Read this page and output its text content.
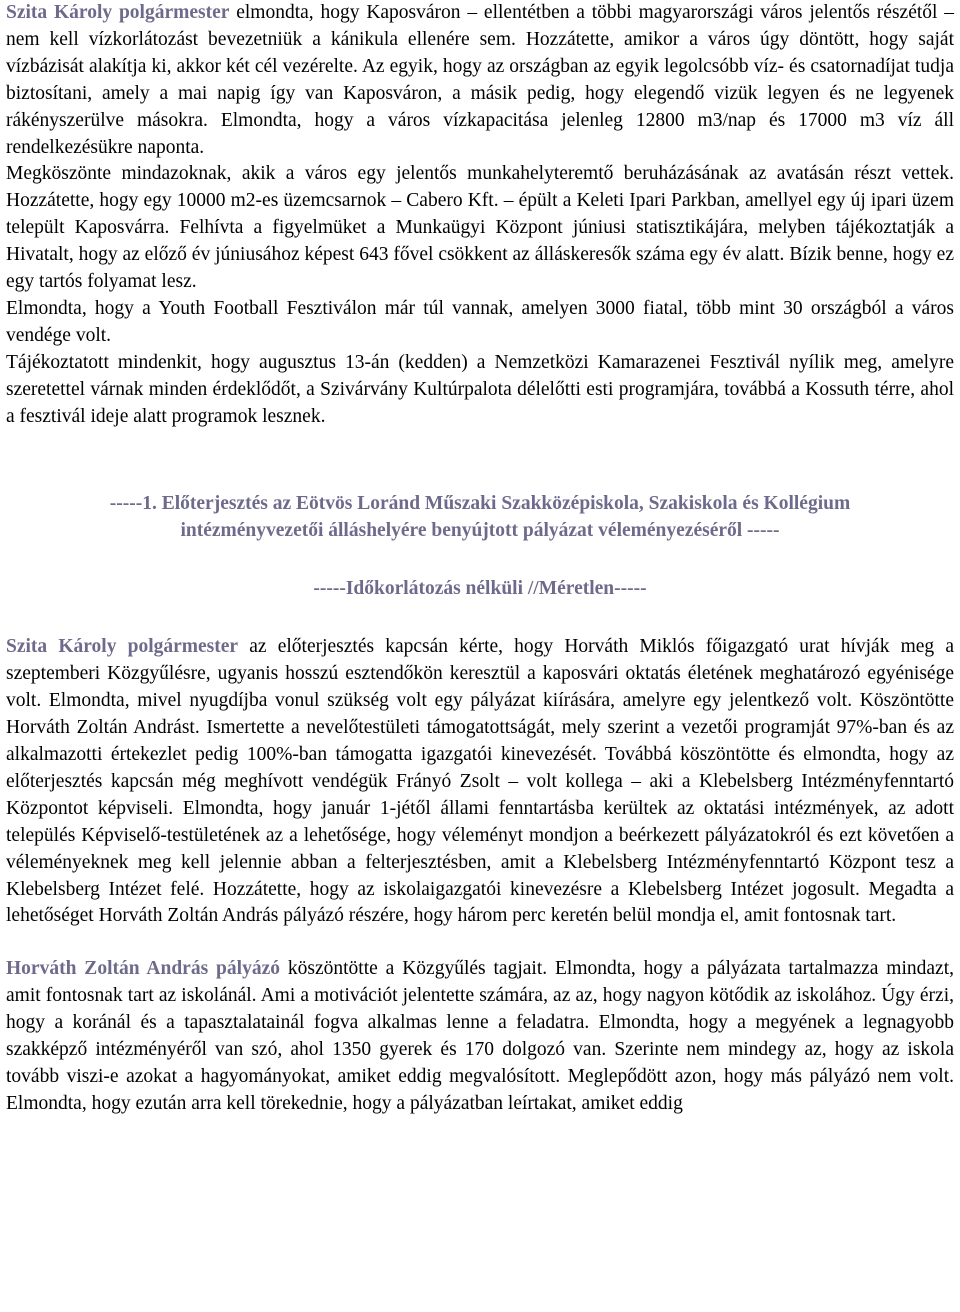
Szita Károly polgármester elmondta, hogy Kaposváron – ellentétben a többi magyarországi város jelentős részétől – nem kell vízkorlátozást bevezetniük a kánikula ellenére sem. Hozzátette, amikor a város úgy döntött, hogy saját vízbázisát alakítja ki, akkor két cél vezérelte. Az egyik, hogy az országban az egyik legolcsóbb víz- és csatornadíjat tudja biztosítani, amely a mai napig így van Kaposváron, a másik pedig, hogy elegendő vizük legyen és ne legyenek rákényszerülve másokra. Elmondta, hogy a város vízkapacitása jelenleg 12800 m3/nap és 17000 m3 víz áll rendelkezésükre naponta.

Megköszönte mindazoknak, akik a város egy jelentős munkahelyteremtő beruházásának az avatásán részt vettek. Hozzátette, hogy egy 10000 m2-es üzemcsarnok – Cabero Kft. – épült a Keleti Ipari Parkban, amellyel egy új ipari üzem települt Kaposvárra. Felhívta a figyelmüket a Munkaügyi Központ júniusi statisztikájára, melyben tájékoztatják a Hivatalt, hogy az előző év júniusához képest 643 fővel csökkent az álláskeresők száma egy év alatt. Bízik benne, hogy ez egy tartós folyamat lesz.

Elmondta, hogy a Youth Football Fesztiválon már túl vannak, amelyen 3000 fiatal, több mint 30 országból a város vendége volt.

Tájékoztatott mindenkit, hogy augusztus 13-án (kedden) a Nemzetközi Kamarazenei Fesztivál nyílik meg, amelyre szeretettel várnak minden érdeklődőt, a Szivárvány Kultúrpalota délelőtti esti programjára, továbbá a Kossuth térre, ahol a fesztivál ideje alatt programok lesznek.

-----1. Előterjesztés az Eötvös Loránd Műszaki Szakközépiskola, Szakiskola és Kollégium
intézményvezetői álláshelyére benyújtott pályázat véleményezéséről -----
-----Időkorlátozás nélküli //Méretlen-----

Szita Károly polgármester az előterjesztés kapcsán kérte, hogy Horváth Miklós főigazgató urat hívják meg a szeptemberi Közgyűlésre, ugyanis hosszú esztendőkön keresztül a kaposvári oktatás életének meghatározó egyénisége volt. Elmondta, mivel nyugdíjba vonul szükség volt egy pályázat kiírására, amelyre egy jelentkező volt. Köszöntötte Horváth Zoltán Andrást. Ismertette a nevelőtestületi támogatottságát, mely szerint a vezetői programját 97%-ban és az alkalmazotti értekezlet pedig 100%-ban támogatta igazgatói kinevezését. Továbbá köszöntötte és elmondta, hogy az előterjesztés kapcsán még meghívott vendégük Frányó Zsolt – volt kollega – aki a Klebelsberg Intézményfenntartó Központot képviseli. Elmondta, hogy január 1-jétől állami fenntartásba kerültek az oktatási intézmények, az adott település Képviselő-testületének az a lehetősége, hogy véleményt mondjon a beérkezett pályázatokról és ezt követően a véleményeknek meg kell jelennie abban a felterjesztésben, amit a Klebelsberg Intézményfenntartó Központ tesz a Klebelsberg Intézet felé. Hozzátette, hogy az iskolaigazgatói kinevezésre a Klebelsberg Intézet jogosult. Megadta a lehetőséget Horváth Zoltán András pályázó részére, hogy három perc keretén belül mondja el, amit fontosnak tart.

Horváth Zoltán András pályázó köszöntötte a Közgyűlés tagjait. Elmondta, hogy a pályázata tartalmazza mindazt, amit fontosnak tart az iskolánál. Ami a motivációt jelentette számára, az az, hogy nagyon kötődik az iskolához. Úgy érzi, hogy a koránál és a tapasztalatainál fogva alkalmas lenne a feladatra. Elmondta, hogy a megyének a legnagyobb szakképző intézményéről van szó, ahol 1350 gyerek és 170 dolgozó van. Szerinte nem mindegy az, hogy az iskola tovább viszi-e azokat a hagyományokat, amiket eddig megvalósított. Meglepődött azon, hogy más pályázó nem volt. Elmondta, hogy ezután arra kell törekednie, hogy a pályázatban leírtakat, amiket eddig
